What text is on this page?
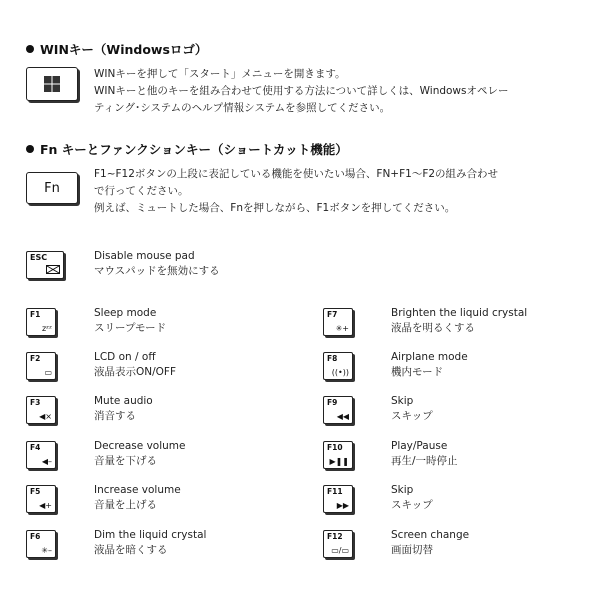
WINキー（Windowsロゴ）
WINキーを押して「スタート」メニューを開きます。
WINキーと他のキーを組み合わせて使用する方法について詳しくは、Windowsオペレー
ティング･システムのヘルプ情報システムを参照してください。
Fn キーとファンクションキー（ショートカット機能）
Fn
F1~F12ボタンの上段に表記している機能を使いたい場合、FN+F1～F2の組み合わせ
で行ってください。
例えば、ミュートした場合、Fnを押しながら、F1ボタンを押してください。
ESC	Disable mouse pad
マウスパッドを無効にする
F1
zᶻᶻ
Sleep mode
スリープモード
F2
▭
LCD on / off
液晶表示ON/OFF
F3
◀×
Mute audio
消音する
F4
◀–
Decrease volume
音量を下げる
F5
◀+
Increase volume
音量を上げる
F6
✳–
Dim the liquid crystal
液晶を暗くする
F7
✳+
Brighten the liquid crystal
液晶を明るくする
F8
((•))
Airplane mode
機内モード
F9
◀◀
Skip
スキップ
F10
▶❚❚
Play/Pause
再生/一時停止
F11
▶▶
Skip
スキップ
F12
▭/▭
Screen change
画面切替
